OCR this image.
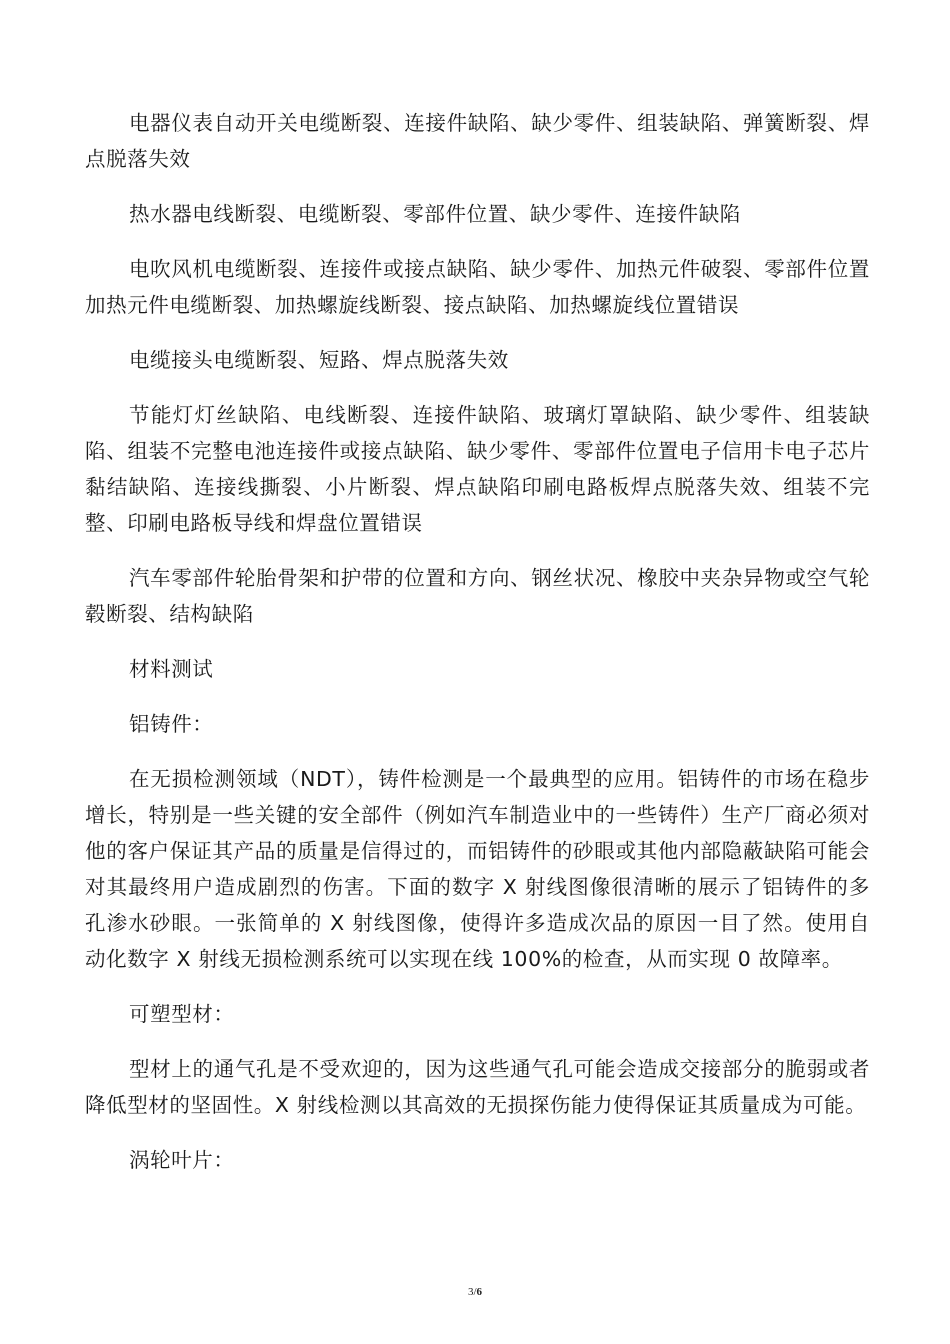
电器仪表自动开关电缆断裂、连接件缺陷、缺少零件、组装缺陷、弹簧断裂、焊点脱落失效

热水器电线断裂、电缆断裂、零部件位置、缺少零件、连接件缺陷

电吹风机电缆断裂、连接件或接点缺陷、缺少零件、加热元件破裂、零部件位置加热元件电缆断裂、加热螺旋线断裂、接点缺陷、加热螺旋线位置错误

电缆接头电缆断裂、短路、焊点脱落失效

节能灯灯丝缺陷、电线断裂、连接件缺陷、玻璃灯罩缺陷、缺少零件、组装缺陷、组装不完整电池连接件或接点缺陷、缺少零件、零部件位置电子信用卡电子芯片黏结缺陷、连接线撕裂、小片断裂、焊点缺陷印刷电路板焊点脱落失效、组装不完整、印刷电路板导线和焊盘位置错误

汽车零部件轮胎骨架和护带的位置和方向、钢丝状况、橡胶中夹杂异物或空气轮毂断裂、结构缺陷

材料测试

铝铸件：

在无损检测领域（NDT），铸件检测是一个最典型的应用。铝铸件的市场在稳步增长，特别是一些关键的安全部件（例如汽车制造业中的一些铸件）生产厂商必须对他的客户保证其产品的质量是信得过的，而铝铸件的砂眼或其他内部隐蔽缺陷可能会对其最终用户造成剧烈的伤害。下面的数字 X 射线图像很清晰的展示了铝铸件的多孔渗水砂眼。一张简单的 X 射线图像，使得许多造成次品的原因一目了然。使用自动化数字 X 射线无损检测系统可以实现在线 100%的检查，从而实现 0 故障率。

可塑型材：

型材上的通气孔是不受欢迎的，因为这些通气孔可能会造成交接部分的脆弱或者降低型材的坚固性。X 射线检测以其高效的无损探伤能力使得保证其质量成为可能。

涡轮叶片：

3/6
